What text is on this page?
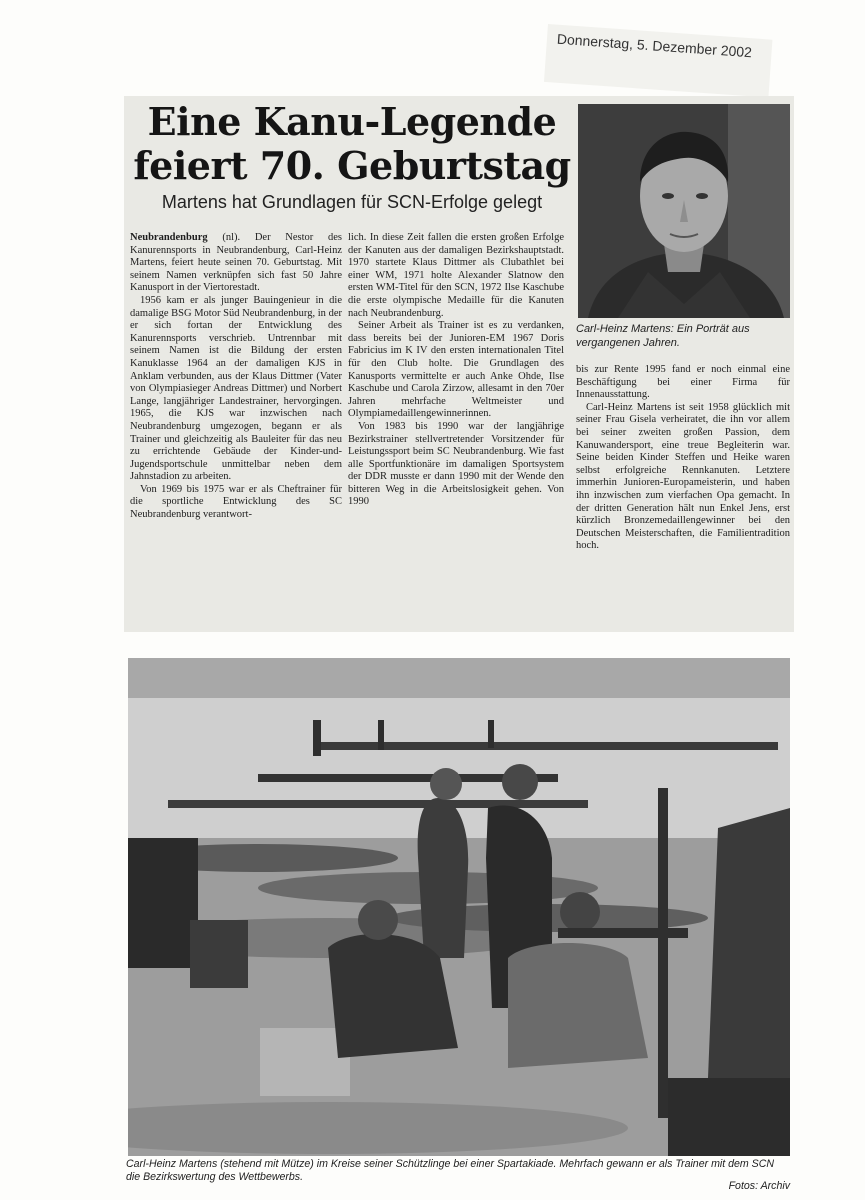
Donnerstag, 5. Dezember 2002
Eine Kanu-Legende
feiert 70. Geburtstag

Martens hat Grundlagen für SCN-Erfolge gelegt

Carl-Heinz Martens: Ein Porträt aus vergangenen Jahren.

Neubrandenburg (nl). Der Nestor des Kanurennsports in Neubrandenburg, Carl-Heinz Martens, feiert heute seinen 70. Geburtstag. Mit seinem Namen verknüpfen sich fast 50 Jahre Kanusport in der Viertorestadt.

1956 kam er als junger Bauingenieur in die damalige BSG Motor Süd Neubrandenburg, in der er sich fortan der Entwicklung des Kanurennsports verschrieb. Untrennbar mit seinem Namen ist die Bildung der ersten Kanuklasse 1964 an der damaligen KJS in Anklam verbunden, aus der Klaus Dittmer (Vater von Olympiasieger Andreas Dittmer) und Norbert Lange, langjähriger Landestrainer, hervorgingen. 1965, die KJS war inzwischen nach Neubrandenburg umgezogen, begann er als Trainer und gleichzeitig als Bauleiter für das neu zu errichtende Gebäude der Kinder-und-Jugendsportschule unmittelbar neben dem Jahnstadion zu arbeiten.

Von 1969 bis 1975 war er als Cheftrainer für die sportliche Entwicklung des SC Neubrandenburg verantwort-

lich. In diese Zeit fallen die ersten großen Erfolge der Kanuten aus der damaligen Bezirkshauptstadt. 1970 startete Klaus Dittmer als Clubathlet bei einer WM, 1971 holte Alexander Slatnow den ersten WM-Titel für den SCN, 1972 Ilse Kaschube die erste olympische Medaille für die Kanuten nach Neubrandenburg.

Seiner Arbeit als Trainer ist es zu verdanken, dass bereits bei der Junioren-EM 1967 Doris Fabricius im K IV den ersten internationalen Titel für den Club holte. Die Grundlagen des Kanusports vermittelte er auch Anke Ohde, Ilse Kaschube und Carola Zirzow, allesamt in den 70er Jahren mehrfache Weltmeister und Olympiamedaillengewinnerinnen.

Von 1983 bis 1990 war der langjährige Bezirkstrainer stellvertretender Vorsitzender für Leistungssport beim SC Neubrandenburg. Wie fast alle Sportfunktionäre im damaligen Sportsystem der DDR musste er dann 1990 mit der Wende den bitteren Weg in die Arbeitslosigkeit gehen. Von 1990

bis zur Rente 1995 fand er noch einmal eine Beschäftigung bei einer Firma für Innenausstattung.

Carl-Heinz Martens ist seit 1958 glücklich mit seiner Frau Gisela verheiratet, die ihn vor allem bei seiner zweiten großen Passion, dem Kanuwandersport, eine treue Begleiterin war. Seine beiden Kinder Steffen und Heike waren selbst erfolgreiche Rennkanuten. Letztere immerhin Junioren-Europameisterin, und haben ihn inzwischen zum vierfachen Opa gemacht. In der dritten Generation hält nun Enkel Jens, erst kürzlich Bronzemedaillengewinner bei den Deutschen Meisterschaften, die Familientradition hoch.

Carl-Heinz Martens (stehend mit Mütze) im Kreise seiner Schützlinge bei einer Spartakiade. Mehrfach gewann er als Trainer mit dem SCN die Bezirkswertung des Wettbewerbs.

Fotos: Archiv
